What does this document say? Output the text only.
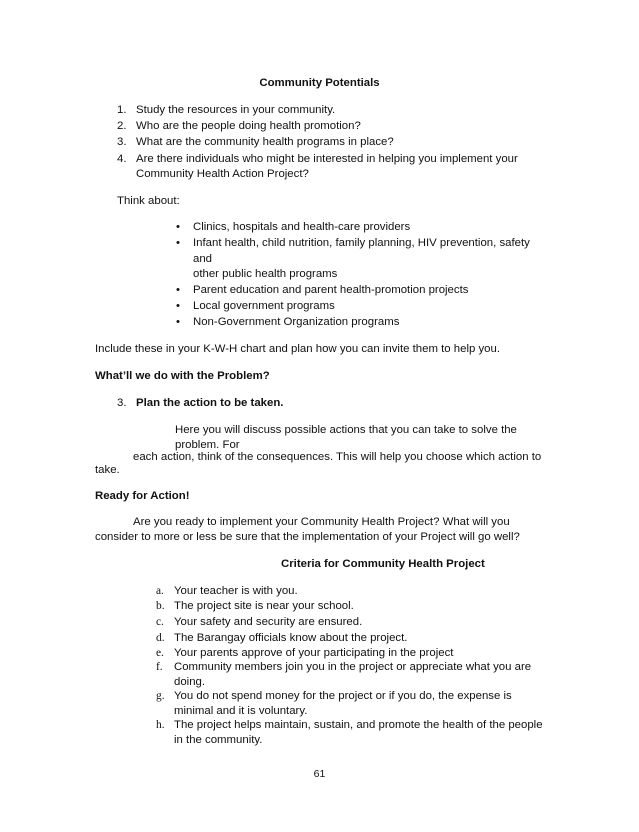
Community Potentials
1. Study the resources in your community.
2. Who are the people doing health promotion?
3. What are the community health programs in place?
4. Are there individuals who might be interested in helping you implement your
Community Health Action Project?
Think about:
• Clinics, hospitals and health-care providers
• Infant health, child nutrition, family planning, HIV prevention, safety
and
other public health programs
• Parent education and parent health-promotion projects
• Local government programs
• Non-Government Organization programs
Include these in your K-W-H chart and plan how you can invite them to help you.
What’ll we do with the Problem?
3. Plan the action to be taken.
Here you will discuss possible actions that you can take to solve the
problem. For
each action, think of the consequences. This will help you choose which action to
take.
Ready for Action!
Are you ready to implement your Community Health Project? What will you
consider to more or less be sure that the implementation of your Project will go well?
Criteria for Community Health Project
a. Your teacher is with you.
b. The project site is near your school.
c. Your safety and security are ensured.
d. The Barangay officials know about the project.
e. Your parents approve of your participating in the project
f. Community members join you in the project or appreciate what you are
doing.
g. You do not spend money for the project or if you do, the expense is
minimal and it is voluntary.
h. The project helps maintain, sustain, and promote the health of the people
in the community.
61
